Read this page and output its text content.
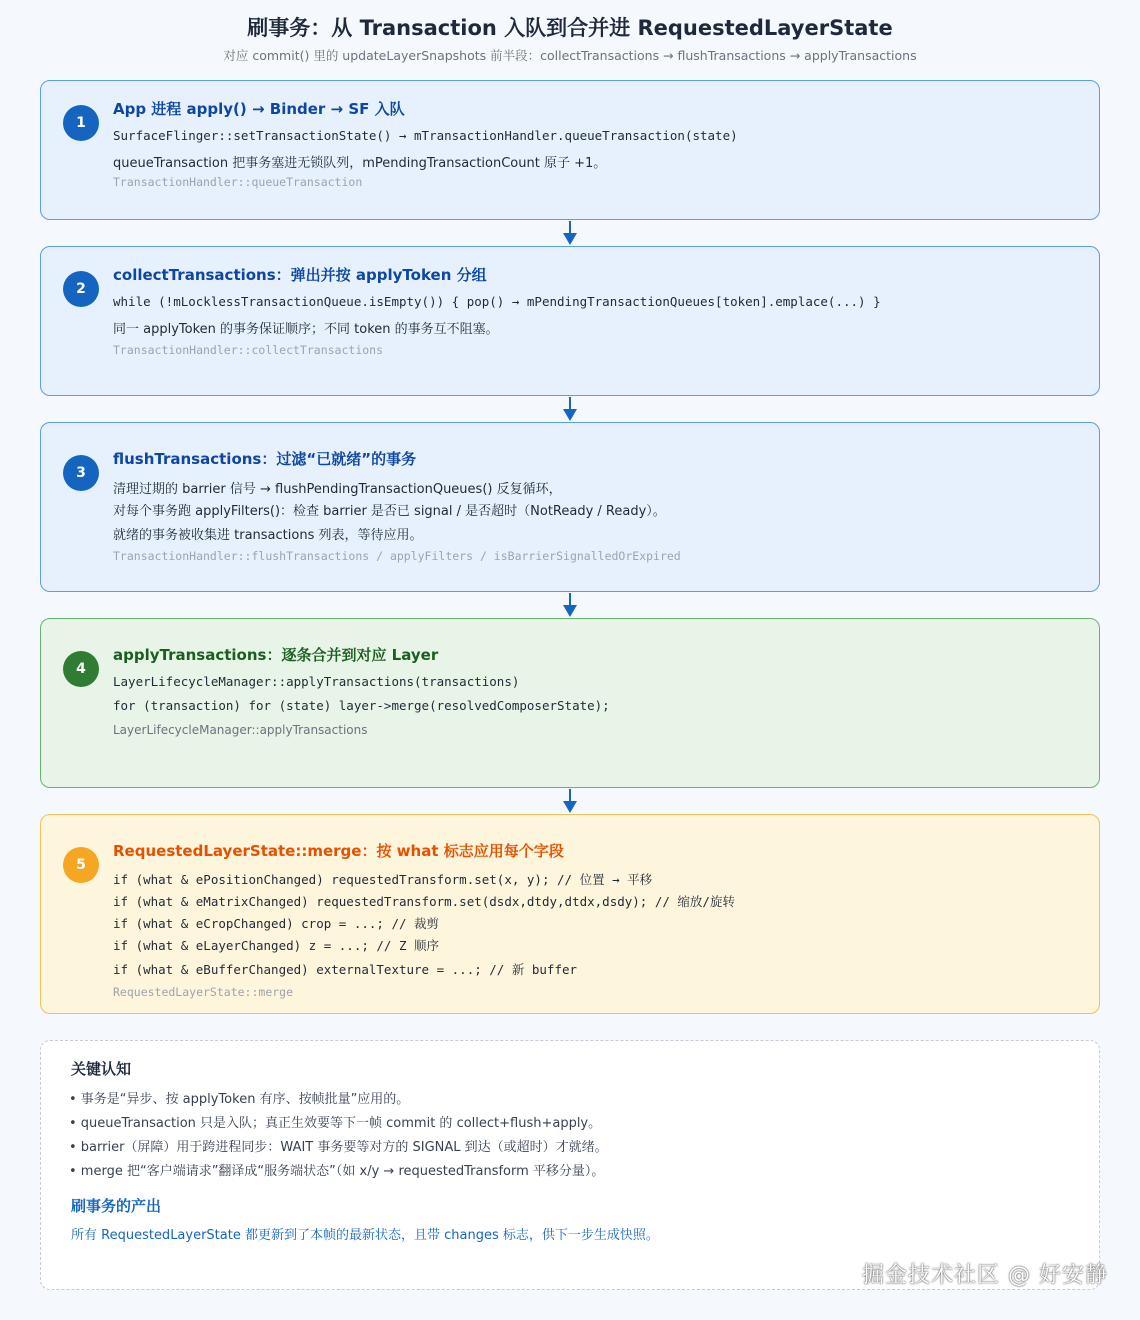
刷事务：从 Transaction 入队到合并进 RequestedLayerState
对应 commit() 里的 updateLayerSnapshots 前半段：collectTransactions → flushTransactions → applyTransactions
1
App 进程 apply() → Binder → SF 入队
SurfaceFlinger::setTransactionState() → mTransactionHandler.queueTransaction(state)
queueTransaction 把事务塞进无锁队列，mPendingTransactionCount 原子 +1。
TransactionHandler::queueTransaction
2
collectTransactions：弹出并按 applyToken 分组
while (!mLocklessTransactionQueue.isEmpty()) { pop() → mPendingTransactionQueues[token].emplace(...) }
同一 applyToken 的事务保证顺序；不同 token 的事务互不阻塞。
TransactionHandler::collectTransactions
3
flushTransactions：过滤“已就绪”的事务
清理过期的 barrier 信号 → flushPendingTransactionQueues() 反复循环，
对每个事务跑 applyFilters()：检查 barrier 是否已 signal / 是否超时（NotReady / Ready）。
就绪的事务被收集进 transactions 列表，等待应用。
TransactionHandler::flushTransactions / applyFilters / isBarrierSignalledOrExpired
4
applyTransactions：逐条合并到对应 Layer
LayerLifecycleManager::applyTransactions(transactions)
for (transaction) for (state) layer->merge(resolvedComposerState);
LayerLifecycleManager::applyTransactions
5
RequestedLayerState::merge：按 what 标志应用每个字段
if (what & ePositionChanged) requestedTransform.set(x, y); // 位置 → 平移
if (what & eMatrixChanged) requestedTransform.set(dsdx,dtdy,dtdx,dsdy); // 缩放/旋转
if (what & eCropChanged) crop = ...; // 裁剪
if (what & eLayerChanged) z = ...; // Z 顺序
if (what & eBufferChanged) externalTexture = ...; // 新 buffer
RequestedLayerState::merge
关键认知
• 事务是“异步、按 applyToken 有序、按帧批量”应用的。
• queueTransaction 只是入队；真正生效要等下一帧 commit 的 collect+flush+apply。
• barrier（屏障）用于跨进程同步：WAIT 事务要等对方的 SIGNAL 到达（或超时）才就绪。
• merge 把“客户端请求”翻译成“服务端状态”（如 x/y → requestedTransform 平移分量）。
刷事务的产出
所有 RequestedLayerState 都更新到了本帧的最新状态，且带 changes 标志，供下一步生成快照。
掘金技术社区 @ 好安静
